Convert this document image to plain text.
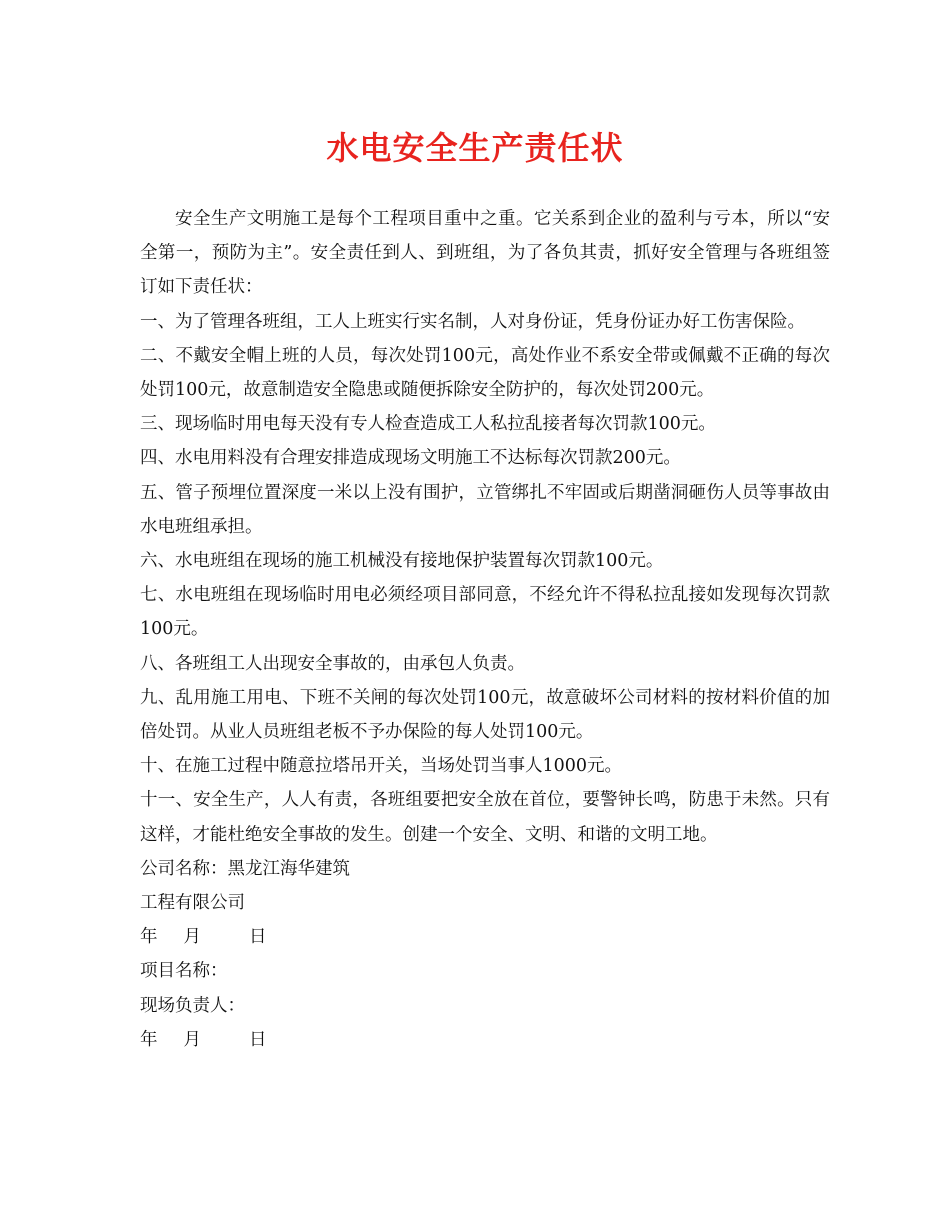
水电安全生产责任状

安全生产文明施工是每个工程项目重中之重。它关系到企业的盈利与亏本，所以“安全第一，预防为主”。安全责任到人、到班组，为了各负其责，抓好安全管理与各班组签订如下责任状：

一、为了管理各班组，工人上班实行实名制，人对身份证，凭身份证办好工伤害保险。

二、不戴安全帽上班的人员，每次处罚100元，高处作业不系安全带或佩戴不正确的每次处罚100元，故意制造安全隐患或随便拆除安全防护的，每次处罚200元。

三、现场临时用电每天没有专人检查造成工人私拉乱接者每次罚款100元。

四、水电用料没有合理安排造成现场文明施工不达标每次罚款200元。

五、管子预埋位置深度一米以上没有围护，立管绑扎不牢固或后期凿洞砸伤人员等事故由水电班组承担。

六、水电班组在现场的施工机械没有接地保护装置每次罚款100元。

七、水电班组在现场临时用电必须经项目部同意，不经允许不得私拉乱接如发现每次罚款100元。

八、各班组工人出现安全事故的，由承包人负责。

九、乱用施工用电、下班不关闸的每次处罚100元，故意破坏公司材料的按材料价值的加倍处罚。从业人员班组老板不予办保险的每人处罚100元。

十、在施工过程中随意拉塔吊开关，当场处罚当事人1000元。

十一、安全生产，人人有责，各班组要把安全放在首位，要警钟长鸣，防患于未然。只有这样，才能杜绝安全事故的发生。创建一个安全、文明、和谐的文明工地。

公司名称：黑龙江海华建筑

工程有限公司

年 月	日

项目名称：

现场负责人：

年 月	日
